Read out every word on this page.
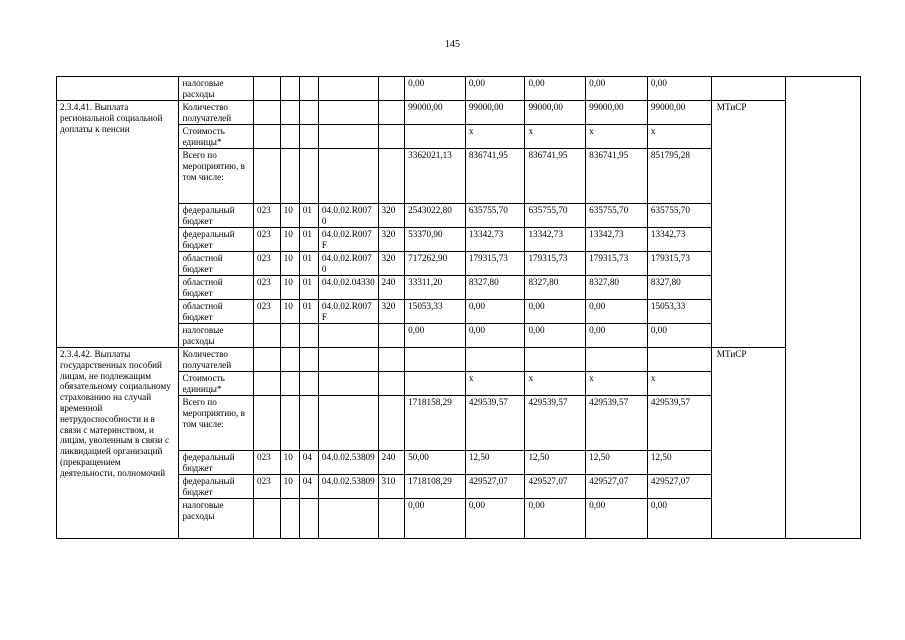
145
	налоговые расходы						0,00	0,00	0,00	0,00	0,00		
2.3.4.41. Выплата региональной социальной доплаты к пенсии	Количество получателей						99000,00	99000,00	99000,00	99000,00	99000,00	МТиСР	
	Стоимость единицы*							x	x	x	x		
	Всего по мероприятию, в том числе:						3362021,13	836741,95	836741,95	836741,95	851795,28		
	федеральный бюджет	023	10	01	04.0.02.R0070	320	2543022,80	635755,70	635755,70	635755,70	635755,70		
	федеральный бюджет	023	10	01	04.0.02.R007F	320	53370,90	13342,73	13342,73	13342,73	13342,73		
	областной бюджет	023	10	01	04.0.02.R0070	320	717262,90	179315,73	179315,73	179315,73	179315,73		
	областной бюджет	023	10	01	04.0.02.04330	240	33311,20	8327,80	8327,80	8327,80	8327,80		
	областной бюджет	023	10	01	04.0.02.R007F	320	15053,33	0,00	0,00	0,00	15053,33		
	налоговые расходы						0,00	0,00	0,00	0,00	0,00		
2.3.4.42. Выплаты государственных пособий лицам, не подлежащим обязательному социальному страхованию на случай временной нетрудоспособности и в связи с материнством, и лицам, уволенным в связи с ликвидацией организаций (прекращением деятельности, полномочий	Количество получателей											МТиСР	
	Стоимость единицы*							x	x	x	x		
	Всего по мероприятию, в том числе:						1718158,29	429539,57	429539,57	429539,57	429539,57		
	федеральный бюджет	023	10	04	04.0.02.53809	240	50,00	12,50	12,50	12,50	12,50		
	федеральный бюджет	023	10	04	04.0.02.53809	310	1718108,29	429527,07	429527,07	429527,07	429527,07		
	налоговые расходы						0,00	0,00	0,00	0,00	0,00		
